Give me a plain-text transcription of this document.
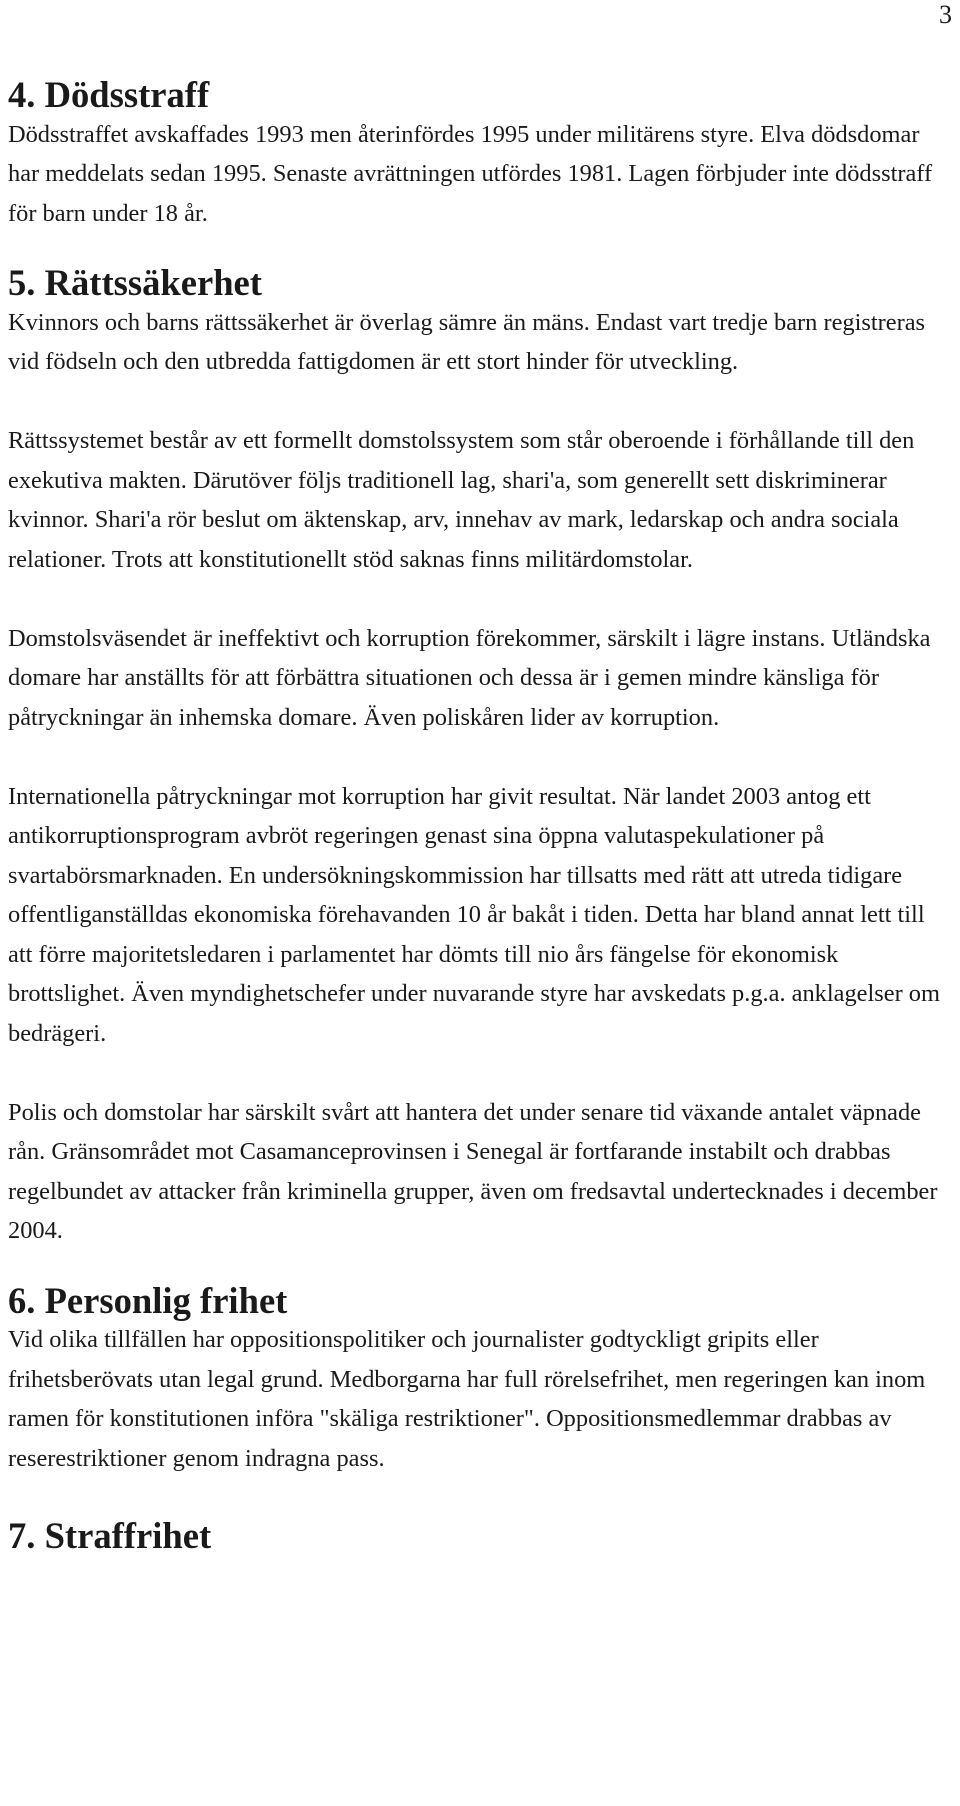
3
4. Dödsstraff

Dödsstraffet avskaffades 1993 men återinfördes 1995 under militärens styre. Elva dödsdomar har meddelats sedan 1995. Senaste avrättningen utfördes 1981. Lagen förbjuder inte dödsstraff för barn under 18 år.

5. Rättssäkerhet

Kvinnors och barns rättssäkerhet är överlag sämre än mäns. Endast vart tredje barn registreras vid födseln och den utbredda fattigdomen är ett stort hinder för utveckling.

Rättssystemet består av ett formellt domstolssystem som står oberoende i förhållande till den exekutiva makten. Därutöver följs traditionell lag, shari'a, som generellt sett diskriminerar kvinnor. Shari'a rör beslut om äktenskap, arv, innehav av mark, ledarskap och andra sociala relationer. Trots att konstitutionellt stöd saknas finns militärdomstolar.

Domstolsväsendet är ineffektivt och korruption förekommer, särskilt i lägre instans. Utländska domare har anställts för att förbättra situationen och dessa är i gemen mindre känsliga för påtryckningar än inhemska domare. Även poliskåren lider av korruption.

Internationella påtryckningar mot korruption har givit resultat. När landet 2003 antog ett antikorruptionsprogram avbröt regeringen genast sina öppna valutaspekulationer på svartabörsmarknaden. En undersökningskommission har tillsatts med rätt att utreda tidigare offentliganställdas ekonomiska förehavanden 10 år bakåt i tiden. Detta har bland annat lett till att förre majoritetsledaren i parlamentet har dömts till nio års fängelse för ekonomisk brottslighet. Även myndighetschefer under nuvarande styre har avskedats p.g.a. anklagelser om bedrägeri.

Polis och domstolar har särskilt svårt att hantera det under senare tid växande antalet väpnade rån. Gränsområdet mot Casamanceprovinsen i Senegal är fortfarande instabilt och drabbas regelbundet av attacker från kriminella grupper, även om fredsavtal undertecknades i december 2004.

6. Personlig frihet

Vid olika tillfällen har oppositionspolitiker och journalister godtyckligt gripits eller frihetsberövats utan legal grund. Medborgarna har full rörelsefrihet, men regeringen kan inom ramen för konstitutionen införa "skäliga restriktioner". Oppositionsmedlemmar drabbas av reserestriktioner genom indragna pass.

7. Straffrihet
